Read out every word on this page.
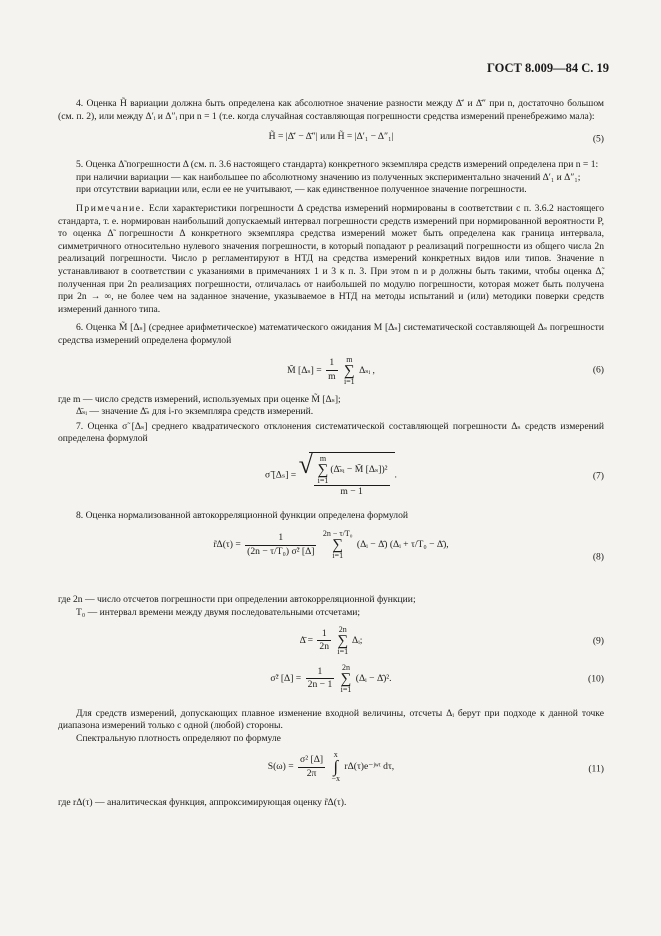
ГОСТ 8.009—84 С. 19

4. Оценка H̃ вариации должна быть определена как абсолютное значение разности между Δ̄′ и Δ̄″ при n, достаточно большом (см. п. 2), или между Δ′ᵢ и Δ″ᵢ при n = 1 (т.е. когда случайная составляющая погрешности средства измерений пренебрежимо мала):

H̃ = |Δ̄′ − Δ̄″| или H̃ = |Δ′₁ − Δ″₁|	(5)

5. Оценка Δ̃ погрешности Δ (см. п. 3.6 настоящего стандарта) конкретного экземпляра средств измерений определена при n = 1:

при наличии вариации — как наибольшее по абсолютному значению из полученных экспериментально значений Δ′₁ и Δ″₁;

при отсутствии вариации или, если ее не учитывают, — как единственное полученное значение погрешности.

Примечание. Если характеристики погрешности Δ средства измерений нормированы в соответствии с п. 3.6.2 настоящего стандарта, т. е. нормирован наибольший допускаемый интервал погрешности средств измерений при нормированной вероятности P, то оценка Δ̃ погрешности Δ конкретного экземпляра средства измерений может быть определена как граница интервала, симметричного относительно нулевого значения погрешности, в который попадают p реализаций погрешности из общего числа 2n реализаций погрешности. Число p регламентируют в НТД на средства измерений конкретных видов или типов. Значение n устанавливают в соответствии с указаниями в примечаниях 1 и 3 к п. 3. При этом n и p должны быть такими, чтобы оценка Δ̃, полученная при 2n реализациях погрешности, отличалась от наибольшей по модулю погрешности, которая может быть получена при 2n → ∞, не более чем на заданное значение, указываемое в НТД на методы испытаний и (или) методики поверки средств измерений данного типа.

6. Оценка M̃ [Δₛ] (среднее арифметическое) математического ожидания M [Δₛ] систематической составляющей Δₛ погрешности средства измерений определена формулой

M̃ $[\Delta_s] = \frac{1}{m}$ m
∑
i=1 Δₛᵢ ,	(6)

где m — число средств измерений, используемых при оценке M̃ [Δₛ];

Δ̄ₛᵢ — значение Δ̄ₛ для i-го экземпляра средств измерений.

7. Оценка σ̃ [Δₛ] среднего квадратического отклонения систематической составляющей погрешности Δₛ средств измерений определена формулой

σ̃ [Δₛ] = √ m
∑
i=1(Δ̄ₛᵢ − M̃ [Δₛ])²
m − 1 .	(7)

8. Оценка нормализованной автокорреляционной функции определена формулой

r̃Δ(τ) = $\frac{1}{\text{(2n − τ/T₀) σ̃² [Δ]}} 2n - \tau/T_0$
∑
i=1 (Δᵢ − Δ̄) (Δᵢ + τ/T₀ − Δ̄),
(8)

где 2n — число отсчетов погрешности при определении автокорреляционной функции;

T₀ — интервал времени между двумя последовательными отсчетами;

Δ̄ = $\frac{1}{2n} 2n$
∑
i=1 Δᵢ;	(9)
σ̃² $[\Delta] = \frac{1}{2n - 1} 2n$
∑
i=1 (Δᵢ − Δ̄)².	(10)

Для средств измерений, допускающих плавное изменение входной величины, отсчеты Δᵢ берут при подходе к данной точке диапазона измерений только с одной (любой) стороны.

Спектральную плотность определяют по формуле

$S(\omega) = \frac{\text{σ² [Δ]}}{2\pi}$ x
∫
−x rΔ(τ)e⁻ʲʷᵗ dτ,	(11)

где rΔ(τ) — аналитическая функция, аппроксимирующая оценку r̃Δ(τ).
